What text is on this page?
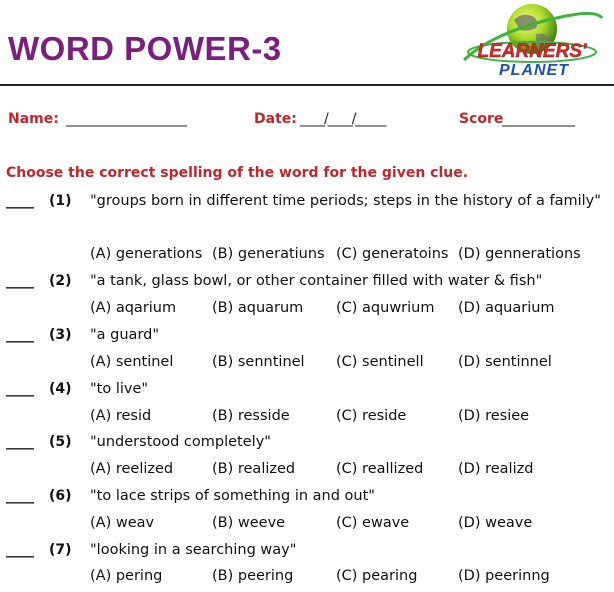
WORD POWER-3	LEARNERS'
PLANET
Name: ____________________	Date: ____/____/_____	Score
____________
Choose the correct spelling of the word for the given clue.
____ (1) "groups born in different time periods; steps in the history of a family"
(A) generations (B) generatiuns (C) generatoins (D) gennerations
____ (2) "a tank, glass bowl, or other container filled with water & fish"
(A) aqarium (B) aquarum (C) aquwrium (D) aquarium
____ (3) "a guard"
(A) sentinel	(B) senntinel (C) sentinell (D) sentinnel
____ (4) "to live"
(A) resid	(B) resside	(C) reside	(D) resiee
____ (5) "understood completely"
(A) reelized	(B) realized	(C) reallized (D) realizd
____ (6) "to lace strips of something in and out"
(A) weav	(B) weeve	(C) ewave	(D) weave
____ (7) "looking in a searching way"
(A) pering	(B) peering	(C) pearing	(D) peerinng
